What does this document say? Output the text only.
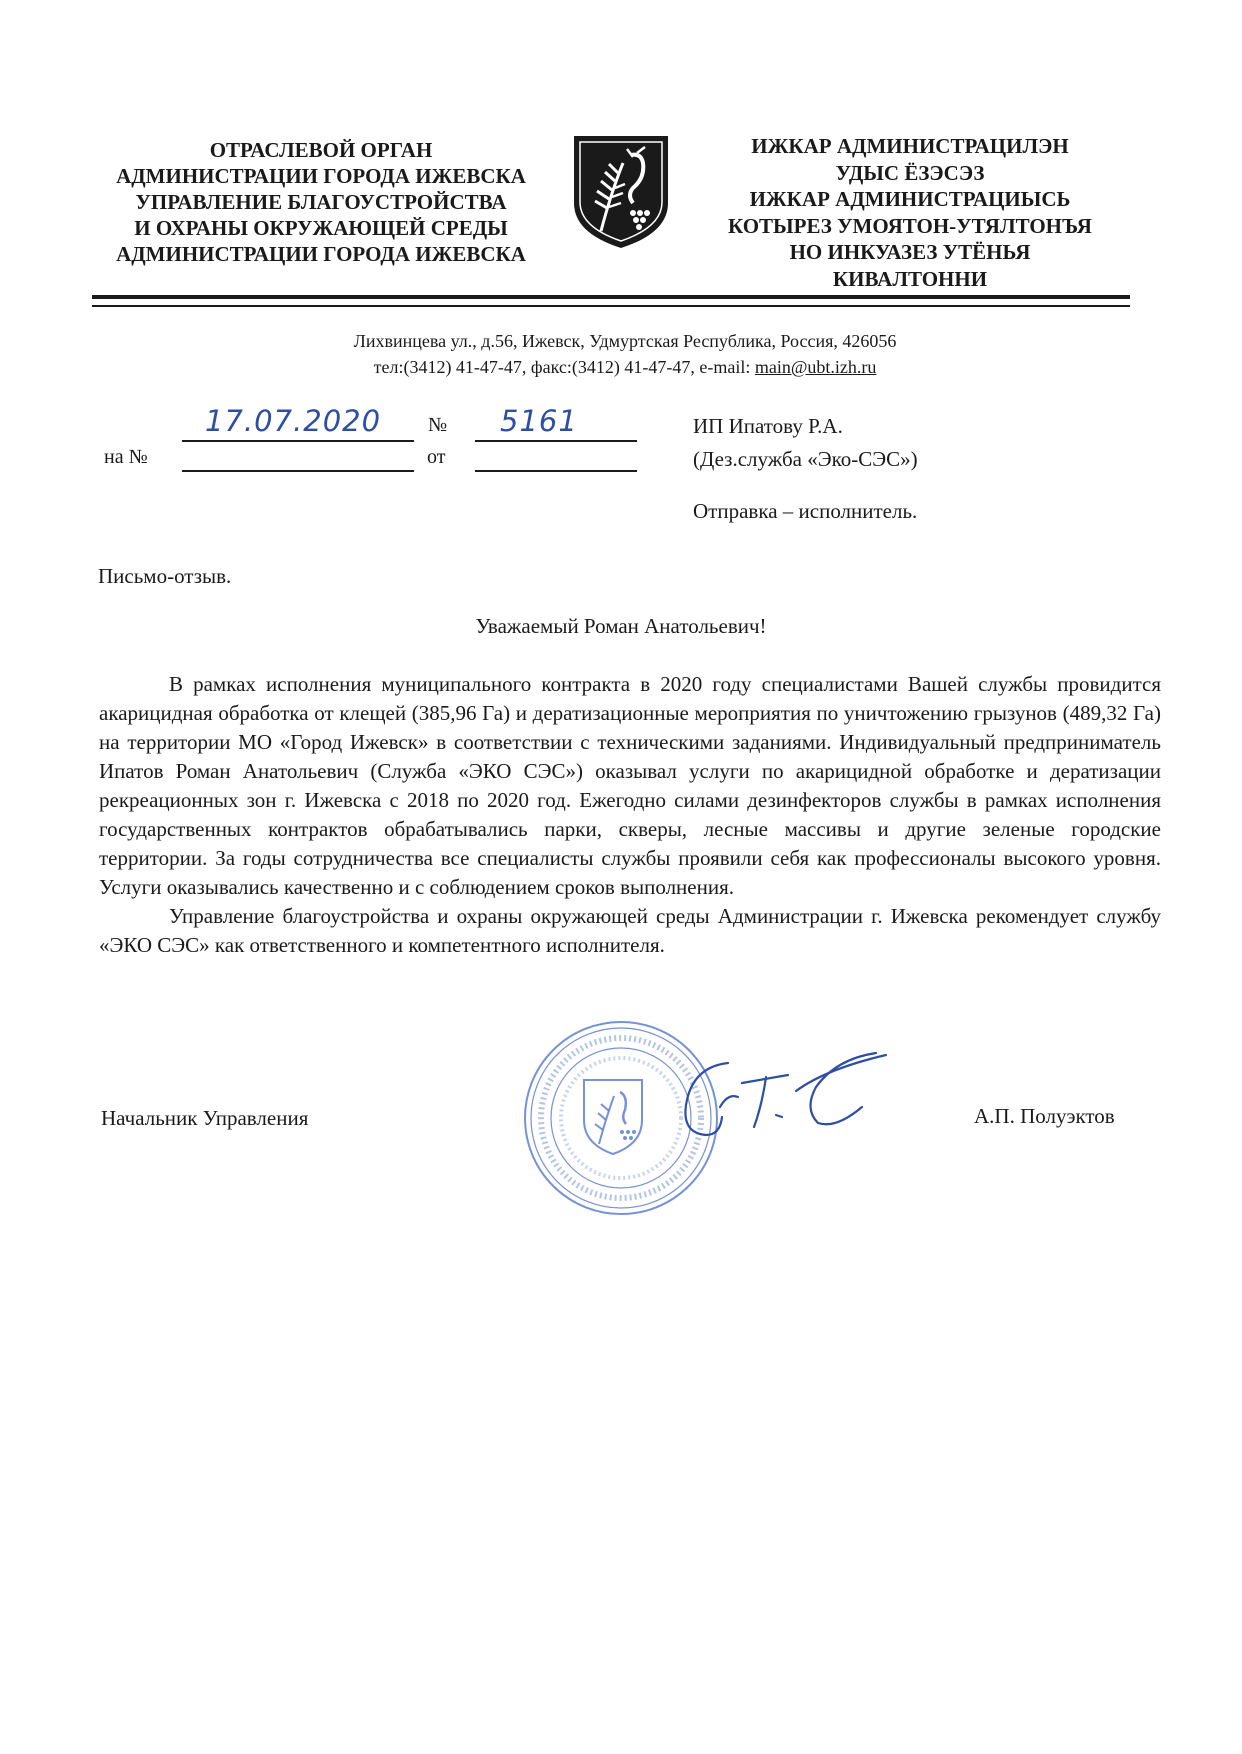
ОТРАСЛЕВОЙ ОРГАН
АДМИНИСТРАЦИИ ГОРОДА ИЖЕВСКА
УПРАВЛЕНИЕ БЛАГОУСТРОЙСТВА
И ОХРАНЫ ОКРУЖАЮЩЕЙ СРЕДЫ
АДМИНИСТРАЦИИ ГОРОДА ИЖЕВСКА
ИЖКАР АДМИНИСТРАЦИЛЭН
УДЫС ЁЗЭСЭЗ
ИЖКАР АДМИНИСТРАЦИЫСЬ
КОТЫРЕЗ УМОЯТОН-УТЯЛТОНЪЯ
НО ИНКУАЗЕЗ УТЁНЬЯ
КИВАЛТОННИ
Лихвинцева ул., д.56, Ижевск, Удмуртская Республика, Россия, 426056
тел:(3412) 41-47-47, факс:(3412) 41-47-47, e-mail: main@ubt.izh.ru
17.07.2020 № 5161
на №	от
ИП Ипатову Р.А.
(Дез.служба «Эко-СЭС»)
Отправка – исполнитель.
Письмо-отзыв.
Уважаемый Роман Анатольевич!

В рамках исполнения муниципального контракта в 2020 году специалистами Вашей службы провидится акарицидная обработка от клещей (385,96 Га) и дератизационные мероприятия по уничтожению грызунов (489,32 Га) на территории МО «Город Ижевск» в соответствии с техническими заданиями. Индивидуальный предприниматель Ипатов Роман Анатольевич (Служба «ЭКО СЭС») оказывал услуги по акарицидной обработке и дератизации рекреационных зон г. Ижевска с 2018 по 2020 год. Ежегодно силами дезинфекторов службы в рамках исполнения государственных контрактов обрабатывались парки, скверы, лесные массивы и другие зеленые городские территории. За годы сотрудничества все специалисты службы проявили себя как профессионалы высокого уровня. Услуги оказывались качественно и с соблюдением сроков выполнения.

Управление благоустройства и охраны окружающей среды Администрации г. Ижевска рекомендует службу «ЭКО СЭС» как ответственного и компетентного исполнителя.

Начальник Управления	А.П. Полуэктов
